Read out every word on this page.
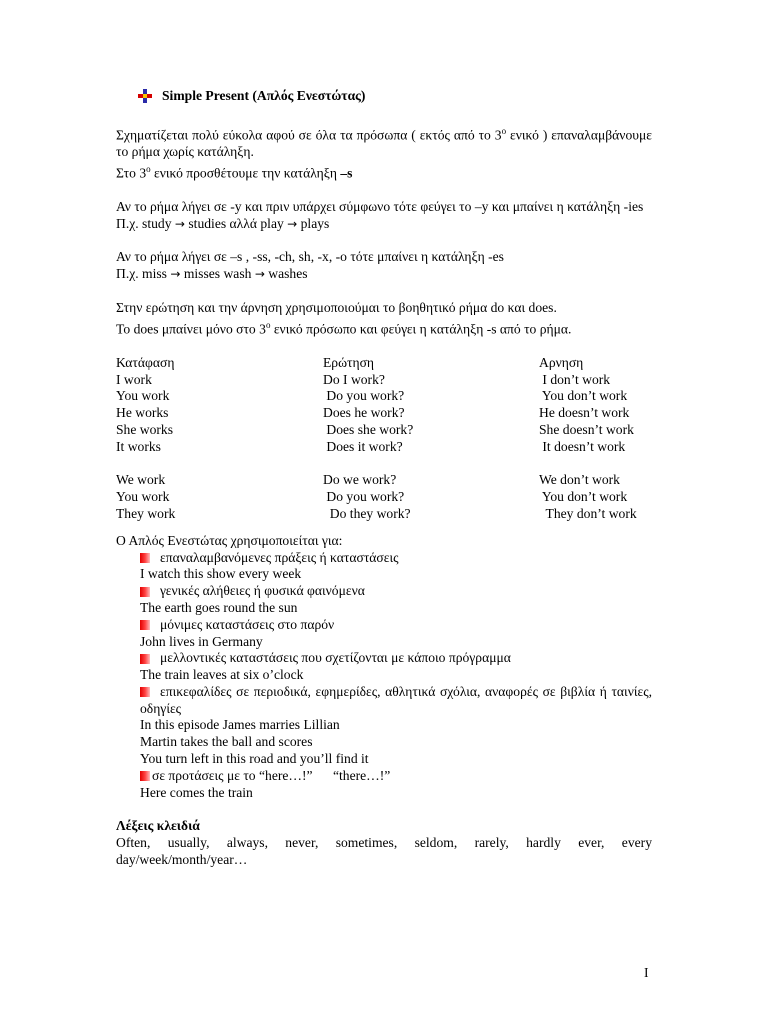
Simple Present (Απλός Ενεστώτας)

Σχηματίζεται πολύ εύκολα αφού σε όλα τα πρόσωπα ( εκτός από το $3^o$ ενικό ) επαναλαμβάνουμε το ρήμα χωρίς κατάληξη.

Στο $3^o$ ενικό προσθέτουμε την κατάληξη –s

Αν το ρήμα λήγει σε -y και πριν υπάρχει σύμφωνο τότε φεύγει το –y και μπαίνει η κατάληξη -ies

Π.χ. study → studies αλλά play → plays

Αν το ρήμα λήγει σε –s , -ss, -ch, sh, -x, -o τότε μπαίνει η κατάληξη -es

Π.χ. miss → misses wash → washes

Στην ερώτηση και την άρνηση χρησιμοποιούμαι το βοηθητικό ρήμα do και does.

Το does μπαίνει μόνο στο $3^o$ ενικό πρόσωπο και φεύγει η κατάληξη -s από το ρήμα.

Κατάφαση	Ερώτηση	Αρνηση
I work	Do I work?	I don’t work
You work	Do you work?	You don’t work
He works	Does he work?	He doesn’t work
She works	Does she work?	She doesn’t work
It works	Does it work?	It doesn’t work
We work	Do we work?	We don’t work
You work	Do you work?	You don’t work
They work	Do they work?	They don’t work

Ο Απλός Ενεστώτας χρησιμοποιείται για:

επαναλαμβανόμενες πράξεις ή καταστάσεις

I watch this show every week

γενικές αλήθειες ή φυσικά φαινόμενα

The earth goes round the sun

μόνιμες καταστάσεις στο παρόν

John lives in Germany

μελλοντικές καταστάσεις που σχετίζονται με κάποιο πρόγραμμα

The train leaves at six o’clock

επικεφαλίδες σε περιοδικά, εφημερίδες, αθλητικά σχόλια, αναφορές σε βιβλία ή ταινίες, οδηγίες

In this episode James marries Lillian

Martin takes the ball and scores

You turn left in this road and you’ll find it

σε προτάσεις με το “here…!”      “there…!”

Here comes the train

Λέξεις κλειδιά

Often, usually, always, never, sometimes, seldom, rarely, hardly ever, every day/week/month/year…

I
